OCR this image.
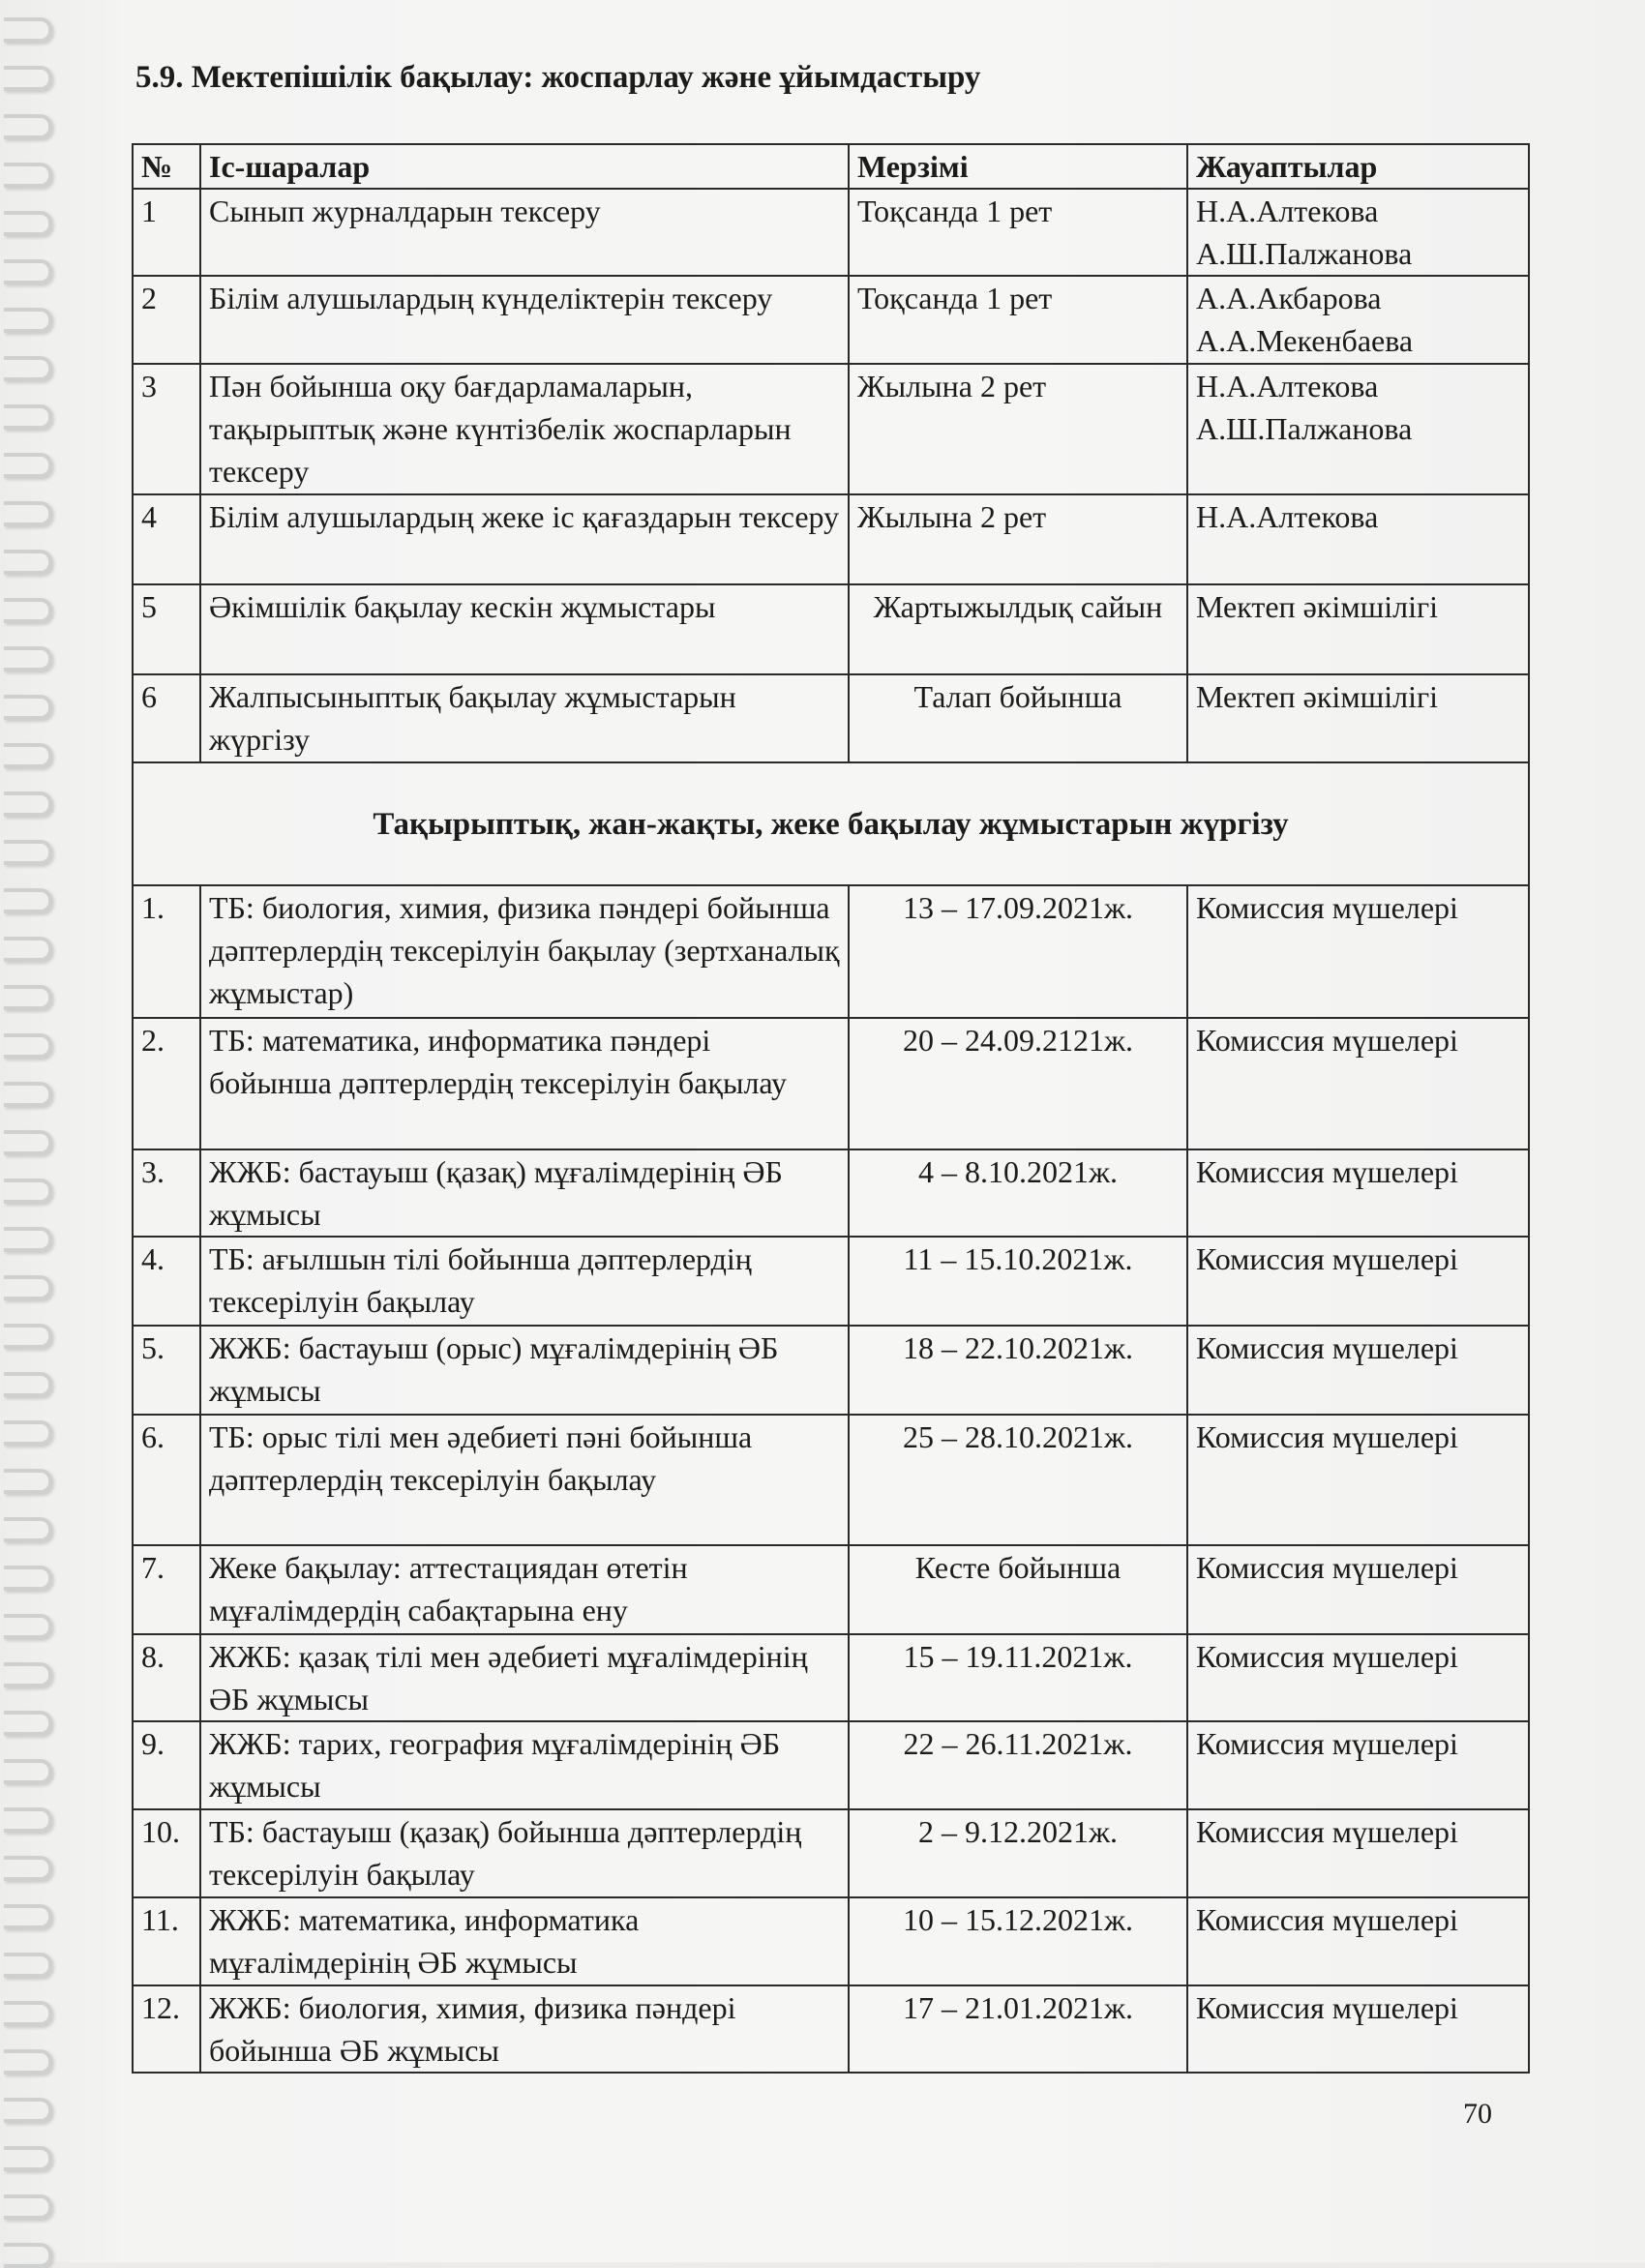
5.9. Мектепішілік бақылау: жоспарлау және ұйымдастыру
№	Іс-шаралар	Мерзімі	Жауаптылар
1	Сынып журналдарын тексеру	Тоқсанда 1 рет	Н.А.Алтекова А.Ш.Палжанова
2	Білім алушылардың күнделіктерін тексеру	Тоқсанда 1 рет	А.А.Акбарова А.А.Мекенбаева
3	Пән бойынша оқу бағдарламаларын, тақырыптық және күнтізбелік жоспарларын тексеру	Жылына 2 рет	Н.А.Алтекова А.Ш.Палжанова
4	Білім алушылардың жеке іс қағаздарын тексеру	Жылына 2 рет	Н.А.Алтекова
5	Әкімшілік бақылау кескін жұмыстары	Жартыжылдық сайын	Мектеп әкімшілігі
6	Жалпысыныптық бақылау жұмыстарын жүргізу	Талап бойынша	Мектеп әкімшілігі
Тақырыптық, жан-жақты, жеке бақылау жұмыстарын жүргізу			
1.	ТБ: биология, химия, физика пәндері бойынша дәптерлердің тексерілуін бақылау (зертханалық жұмыстар)	13 – 17.09.2021ж.	Комиссия мүшелері
2.	ТБ: математика, информатика пәндері бойынша дәптерлердің тексерілуін бақылау	20 – 24.09.2121ж.	Комиссия мүшелері
3.	ЖЖБ: бастауыш (қазақ) мұғалімдерінің ӘБ жұмысы	4 – 8.10.2021ж.	Комиссия мүшелері
4.	ТБ: ағылшын тілі бойынша дәптерлердің тексерілуін бақылау	11 – 15.10.2021ж.	Комиссия мүшелері
5.	ЖЖБ: бастауыш (орыс) мұғалімдерінің ӘБ жұмысы	18 – 22.10.2021ж.	Комиссия мүшелері
6.	ТБ: орыс тілі мен әдебиеті пәні бойынша дәптерлердің тексерілуін бақылау	25 – 28.10.2021ж.	Комиссия мүшелері
7.	Жеке бақылау: аттестациядан өтетін мұғалімдердің сабақтарына ену	Кесте бойынша	Комиссия мүшелері
8.	ЖЖБ: қазақ тілі мен әдебиеті мұғалімдерінің ӘБ жұмысы	15 – 19.11.2021ж.	Комиссия мүшелері
9.	ЖЖБ: тарих, география мұғалімдерінің ӘБ жұмысы	22 – 26.11.2021ж.	Комиссия мүшелері
10.	ТБ: бастауыш (қазақ) бойынша дәптерлердің тексерілуін бақылау	2 – 9.12.2021ж.	Комиссия мүшелері
11.	ЖЖБ: математика, информатика мұғалімдерінің ӘБ жұмысы	10 – 15.12.2021ж.	Комиссия мүшелері
12.	ЖЖБ: биология, химия, физика пәндері бойынша ӘБ жұмысы	17 – 21.01.2021ж.	Комиссия мүшелері
70
